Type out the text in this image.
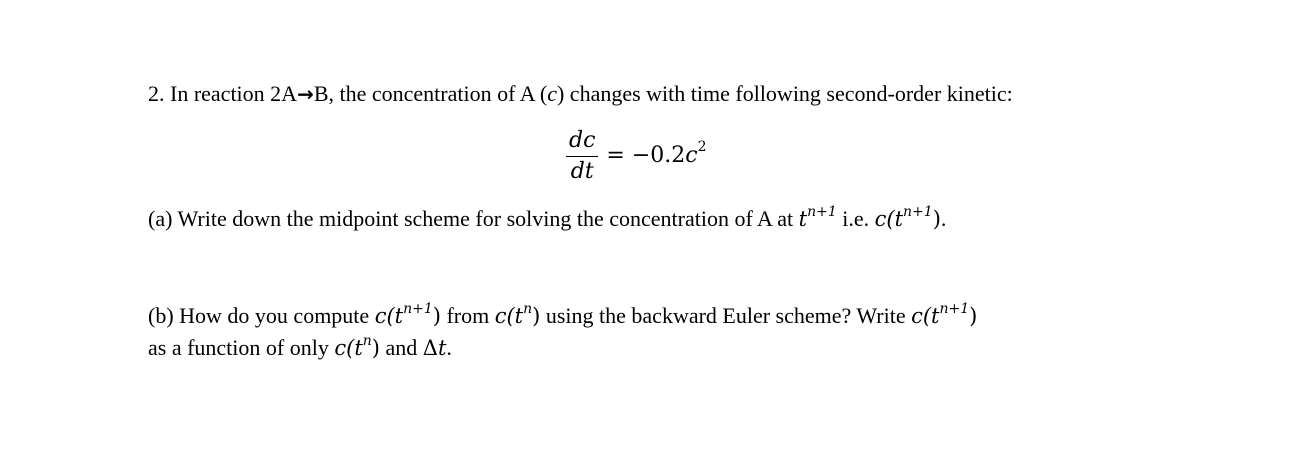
2. In reaction 2A→B, the concentration of A (c) changes with time following second-order kinetic:
$\frac{dc}{dt} = -0.2c^2$
(a) Write down the midpoint scheme for solving the concentration of A at $t^{n+1}$ i.e. $c(t^{n+1})$.
(b) How do you compute $c(t^{n+1})$ from $c(t^n)$ using the backward Euler scheme? Write $c(t^{n+1})$
as a function of only $c(t^n)$ and Δt.
